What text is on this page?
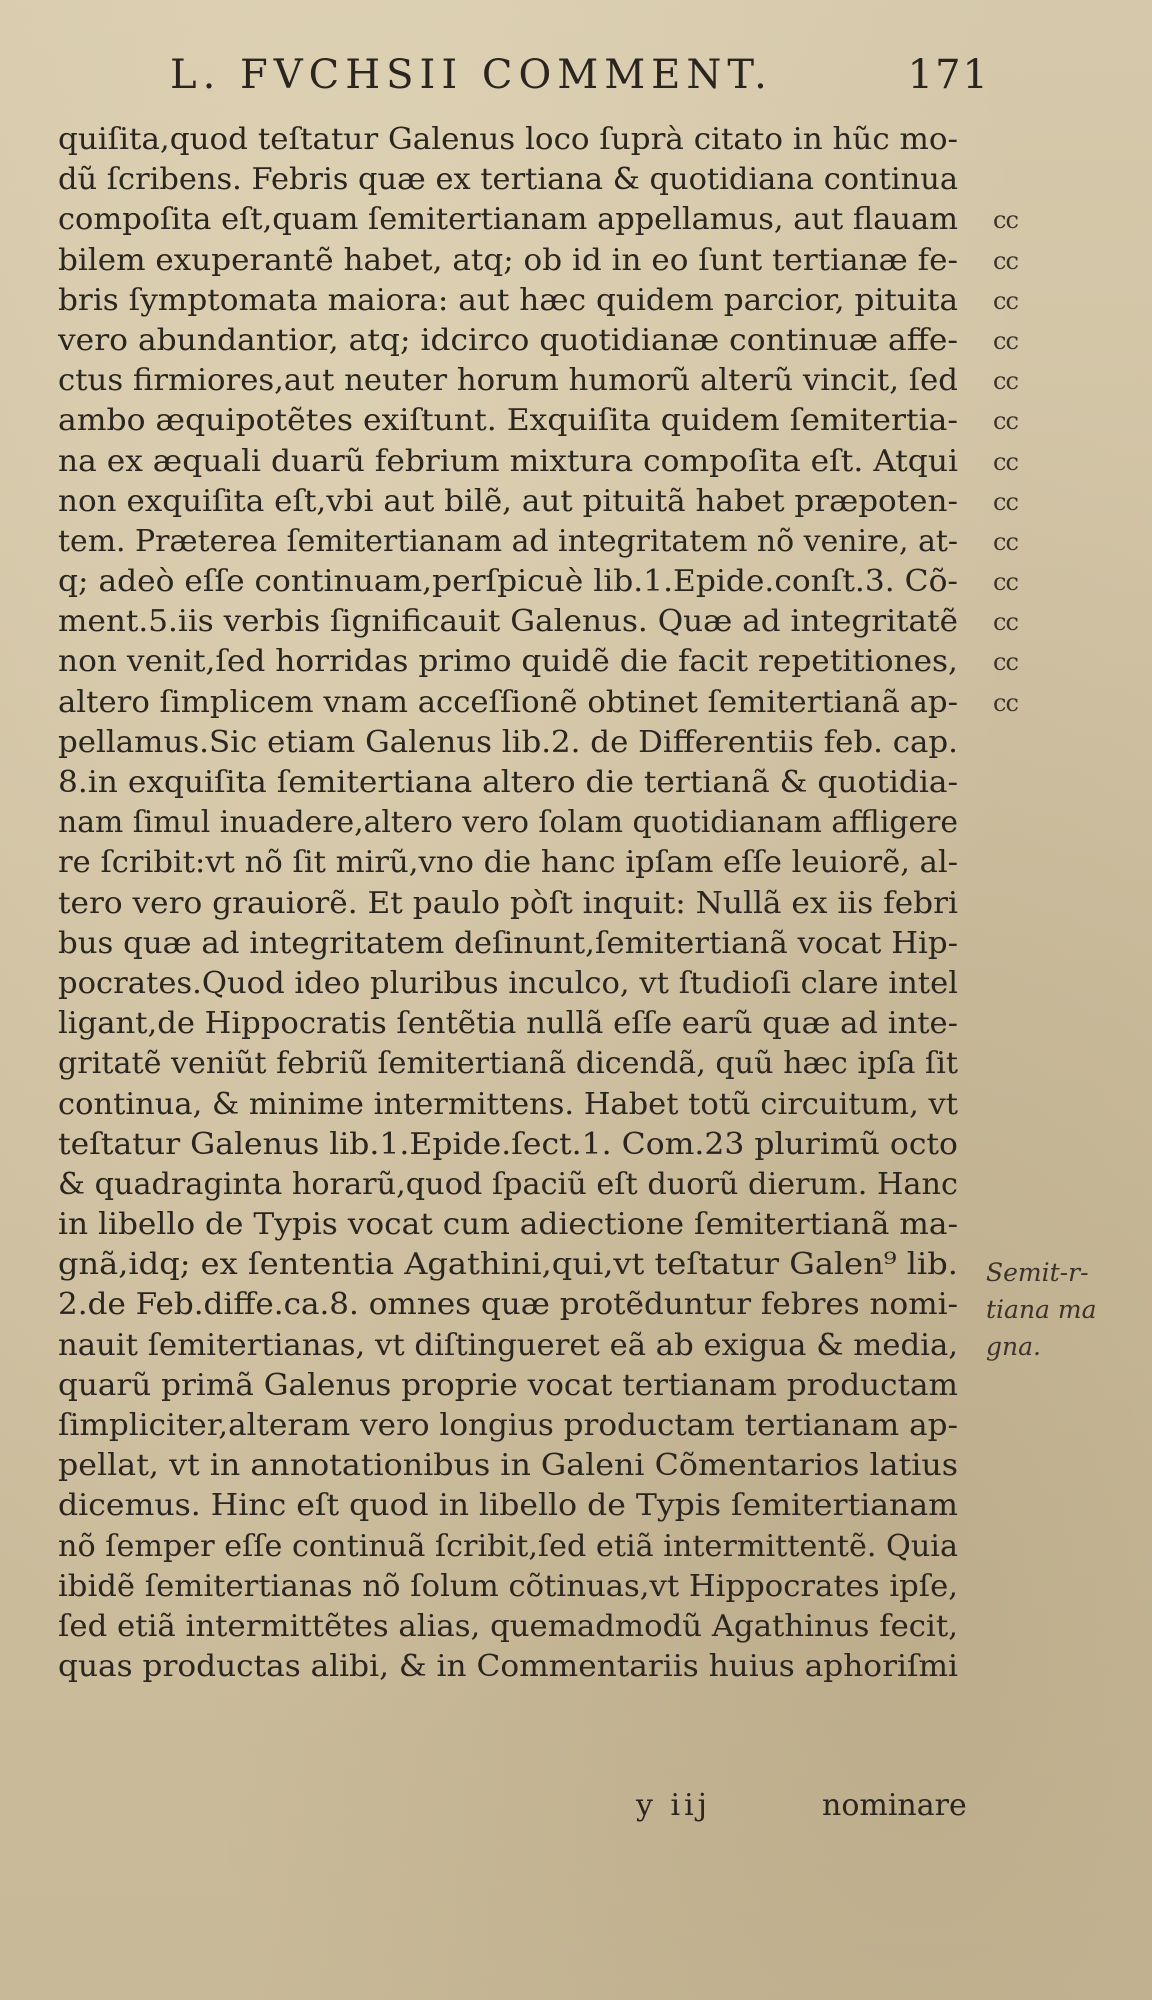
L. FVCHSII COMMENT.	171
quiſita,quod teſtatur Galenus loco ſuprà citato in hũc mo-
dũ ſcribens. Febris quæ ex tertiana & quotidiana continua
compoſita eſt,quam ſemitertianam appellamus, aut flauam cc
bilem exuperantẽ habet, atq; ob id in eo ſunt tertianæ fe- cc
bris ſymptomata maiora: aut hæc quidem parcior, pituita cc
vero abundantior, atq; idcirco quotidianæ continuæ affe- cc
ctus firmiores,aut neuter horum humorũ alterũ vincit, ſed cc
ambo æquipotẽtes exiſtunt. Exquiſita quidem ſemitertia- cc
na ex æquali duarũ febrium mixtura compoſita eſt. Atqui cc
non exquiſita eſt,vbi aut bilẽ, aut pituitã habet præpoten- cc
tem. Præterea ſemitertianam ad integritatem nõ venire, at- cc
q; adeò eſſe continuam,perſpicuè lib.1.Epide.conſt.3. Cõ- cc
ment.5.iis verbis ſignificauit Galenus. Quæ ad integritatẽ cc
non venit,ſed horridas primo quidẽ die facit repetitiones, cc
altero ſimplicem vnam acceſſionẽ obtinet ſemitertianã ap- cc
pellamus.Sic etiam Galenus lib.2. de Differentiis feb. cap.
8.in exquiſita ſemitertiana altero die tertianã & quotidia-
nam ſimul inuadere,altero vero ſolam quotidianam affligere
re ſcribit:vt nõ ſit mirũ,vno die hanc ipſam eſſe leuiorẽ, al-
tero vero grauiorẽ. Et paulo pòſt inquit: Nullã ex iis febri
bus quæ ad integritatem deſinunt,ſemitertianã vocat Hip-
pocrates.Quod ideo pluribus inculco, vt ſtudioſi clare intel
ligant,de Hippocratis ſentẽtia nullã eſſe earũ quæ ad inte-
gritatẽ veniũt febriũ ſemitertianã dicendã, quũ hæc ipſa ſit
continua, & minime intermittens. Habet totũ circuitum, vt
teſtatur Galenus lib.1.Epide.ſect.1. Com.23 plurimũ octo
& quadraginta horarũ,quod ſpaciũ eſt duorũ dierum. Hanc
in libello de Typis vocat cum adiectione ſemitertianã ma-
gnã,idq; ex ſententia Agathini,qui,vt teſtatur Galen⁹ lib.
2.de Feb.diffe.ca.8. omnes quæ protẽduntur febres nomi-
nauit ſemitertianas, vt diſtingueret eã ab exigua & media,
quarũ primã Galenus proprie vocat tertianam productam
ſimpliciter,alteram vero longius productam tertianam ap-
pellat, vt in annotationibus in Galeni Cõmentarios latius
dicemus. Hinc eſt quod in libello de Typis ſemitertianam
nõ ſemper eſſe continuã ſcribit,ſed etiã intermittentẽ. Quia
ibidẽ ſemitertianas nõ ſolum cõtinuas,vt Hippocrates ipſe,
ſed etiã intermittẽtes alias, quemadmodũ Agathinus fecit,
quas productas alibi, & in Commentariis huius aphoriſmi
Semit-r-
tiana ma
gna.
y iij	nominare
